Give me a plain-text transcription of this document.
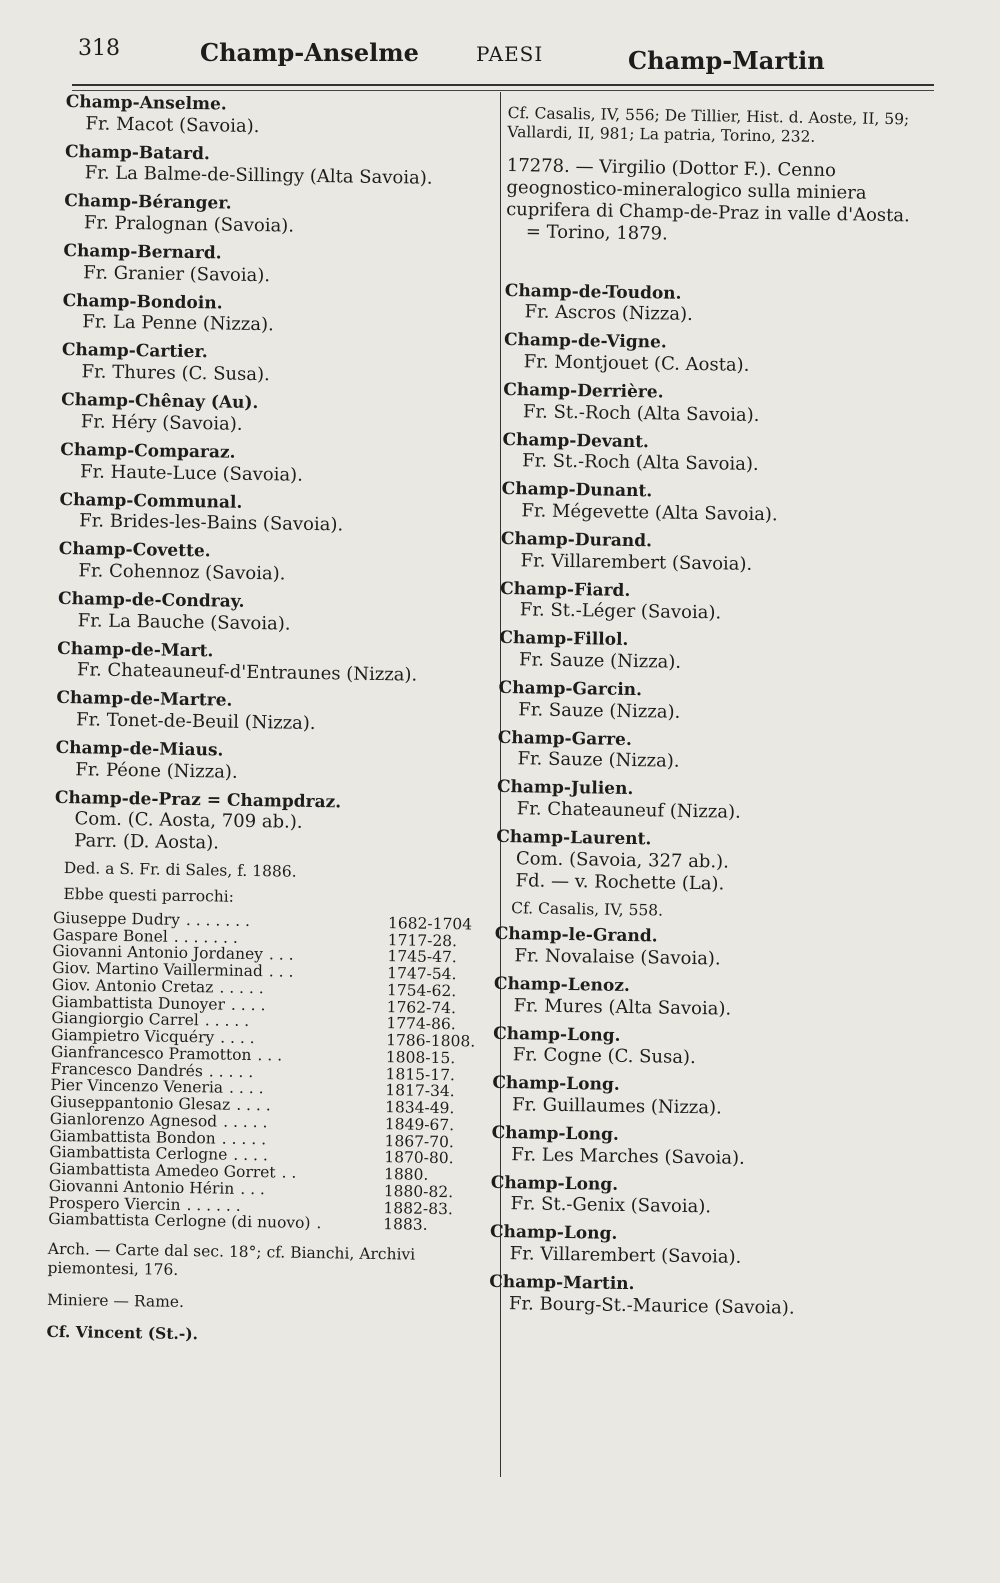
318	Champ-Anselme	PAESI	Champ-Martin
Champ-Anselme.
Fr. Macot (Savoia).
Champ-Batard.
Fr. La Balme-de-Sillingy (Alta Savoia).
Champ-Béranger.
Fr. Pralognan (Savoia).
Champ-Bernard.
Fr. Granier (Savoia).
Champ-Bondoin.
Fr. La Penne (Nizza).
Champ-Cartier.
Fr. Thures (C. Susa).
Champ-Chênay (Au).
Fr. Héry (Savoia).
Champ-Comparaz.
Fr. Haute-Luce (Savoia).
Champ-Communal.
Fr. Brides-les-Bains (Savoia).
Champ-Covette.
Fr. Cohennoz (Savoia).
Champ-de-Condray.
Fr. La Bauche (Savoia).
Champ-de-Mart.
Fr. Chateauneuf-d'Entraunes (Nizza).
Champ-de-Martre.
Fr. Tonet-de-Beuil (Nizza).
Champ-de-Miaus.
Fr. Péone (Nizza).
Champ-de-Praz = Champdraz.
Com. (C. Aosta, 709 ab.).
Parr. (D. Aosta).
Ded. a S. Fr. di Sales, f. 1886.
Ebbe questi parrochi:
Giuseppe Dudry . . . . . . .	1682-1704
Gaspare Bonel . . . . . . .	1717-28.
Giovanni Antonio Jordaney . . .	1745-47.
Giov. Martino Vaillerminad . . .	1747-54.
Giov. Antonio Cretaz . . . . .	1754-62.
Giambattista Dunoyer . . . .	1762-74.
Giangiorgio Carrel . . . . .	1774-86.
Giampietro Vicquéry . . . .	1786-1808.
Gianfrancesco Pramotton . . .	1808-15.
Francesco Dandrés . . . . .	1815-17.
Pier Vincenzo Veneria . . . .	1817-34.
Giuseppantonio Glesaz . . . .	1834-49.
Gianlorenzo Agnesod . . . . .	1849-67.
Giambattista Bondon . . . . .	1867-70.
Giambattista Cerlogne . . . .	1870-80.
Giambattista Amedeo Gorret . .	1880.
Giovanni Antonio Hérin . . .	1880-82.
Prospero Viercin . . . . . .	1882-83.
Giambattista Cerlogne (di nuovo) .	1883.
Arch. — Carte dal sec. 18°; cf. Bianchi, Archivi piemontesi, 176.
Miniere — Rame.
Cf. Vincent (St.-).
Cf. Casalis, IV, 556; De Tillier, Hist. d. Aoste, II, 59; Vallardi, II, 981; La patria, Torino, 232.
17278. — Virgilio (Dottor F.). Cenno geognostico-mineralogico sulla miniera cuprifera di Champ-de-Praz in valle d'Aosta.
= Torino, 1879.
Champ-de-Toudon.
Fr. Ascros (Nizza).
Champ-de-Vigne.
Fr. Montjouet (C. Aosta).
Champ-Derrière.
Fr. St.-Roch (Alta Savoia).
Champ-Devant.
Fr. St.-Roch (Alta Savoia).
Champ-Dunant.
Fr. Mégevette (Alta Savoia).
Champ-Durand.
Fr. Villarembert (Savoia).
Champ-Fiard.
Fr. St.-Léger (Savoia).
Champ-Fillol.
Fr. Sauze (Nizza).
Champ-Garcin.
Fr. Sauze (Nizza).
Champ-Garre.
Fr. Sauze (Nizza).
Champ-Julien.
Fr. Chateauneuf (Nizza).
Champ-Laurent.
Com. (Savoia, 327 ab.).
Fd. — v. Rochette (La).
Cf. Casalis, IV, 558.
Champ-le-Grand.
Fr. Novalaise (Savoia).
Champ-Lenoz.
Fr. Mures (Alta Savoia).
Champ-Long.
Fr. Cogne (C. Susa).
Champ-Long.
Fr. Guillaumes (Nizza).
Champ-Long.
Fr. Les Marches (Savoia).
Champ-Long.
Fr. St.-Genix (Savoia).
Champ-Long.
Fr. Villarembert (Savoia).
Champ-Martin.
Fr. Bourg-St.-Maurice (Savoia).
